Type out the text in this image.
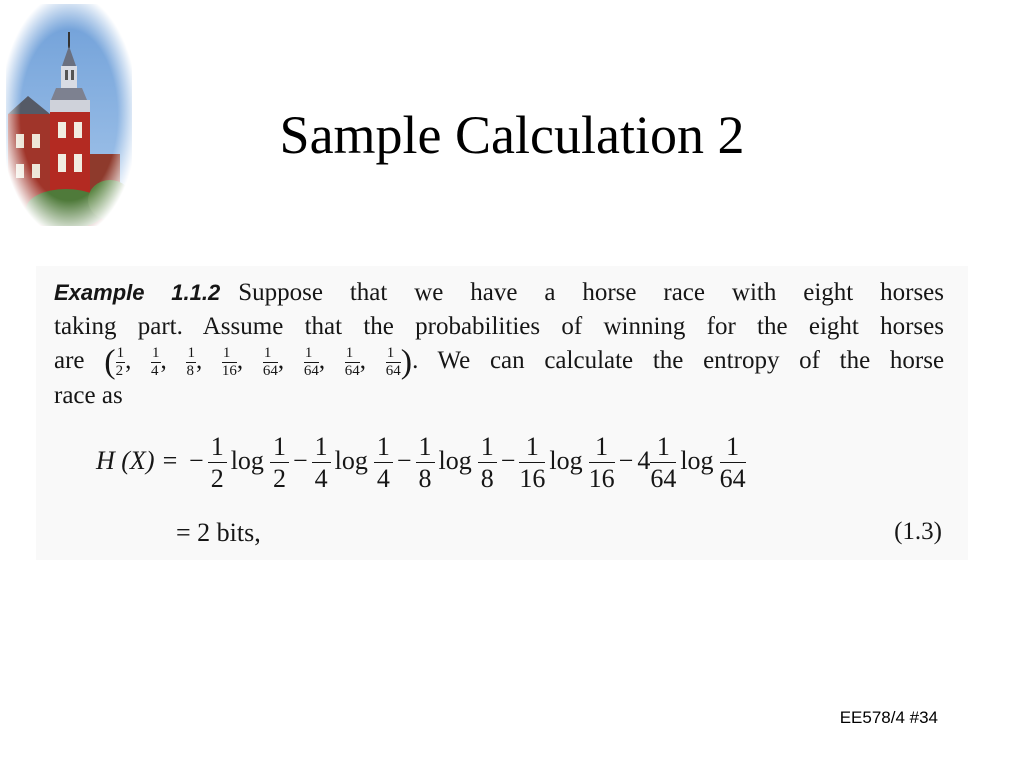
Sample Calculation 2
Example 1.1.2 Suppose that we have a horse race with eight horses
taking part. Assume that the probabilities of winning for the eight horses
are ( $\frac{1}{2}$ , $\frac{1}{4}$ , $\frac{1}{8}$ , $\frac{1}{16}$ , $\frac{1}{64}$ , $\frac{1}{64}$ , $\frac{1}{64}$ , $\frac{1}{64}$ ). We can calculate the entropy of the horse
race as
H (X) = − $\frac{1}{2}$ $\log \frac{1}{2} - \frac{1}{4}$ $\log \frac{1}{4} - \frac{1}{8}$ $\log \frac{1}{8} - \frac{1}{16}$ $\log \frac{1}{16} - 4 \frac{1}{64}$ $\log \frac{1}{64}$
= 2 bits,	(1.3)
EE578/4 #34
